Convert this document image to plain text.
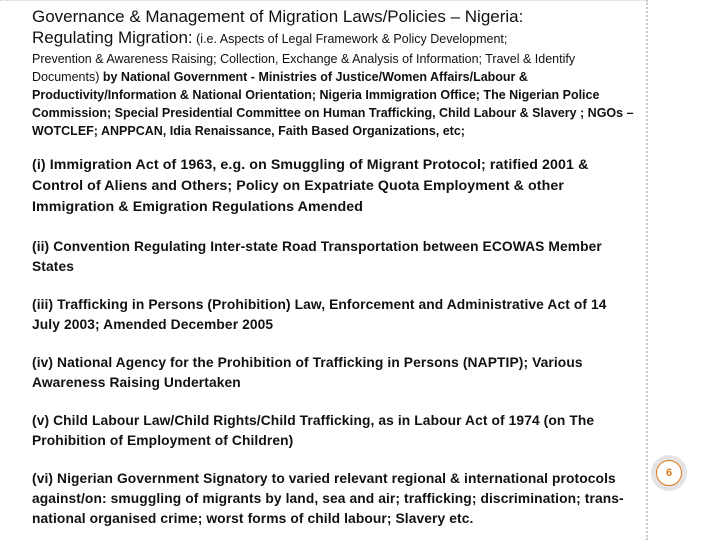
Governance & Management of Migration Laws/Policies – Nigeria:

Regulating Migration: (i.e. Aspects of Legal Framework & Policy Development;

Prevention & Awareness Raising; Collection, Exchange & Analysis of Information; Travel & Identify Documents) by National Government - Ministries of Justice/Women Affairs/Labour & Productivity/Information & National Orientation; Nigeria Immigration Office; The Nigerian Police Commission; Special Presidential Committee on Human Trafficking, Child Labour & Slavery ; NGOs – WOTCLEF; ANPPCAN, Idia Renaissance, Faith Based Organizations, etc;

(i) Immigration Act of 1963, e.g. on Smuggling of Migrant Protocol; ratified 2001 & Control of Aliens and Others; Policy on Expatriate Quota Employment & other Immigration & Emigration Regulations Amended

(ii) Convention Regulating Inter-state Road Transportation between ECOWAS Member States

(iii) Trafficking in Persons (Prohibition) Law, Enforcement and Administrative Act of 14 July 2003; Amended December 2005

(iv) National Agency for the Prohibition of Trafficking in Persons (NAPTIP); Various Awareness Raising Undertaken

(v) Child Labour Law/Child Rights/Child Trafficking, as in Labour Act of 1974 (on The Prohibition of Employment of Children)

(vi) Nigerian Government Signatory to varied relevant regional & international protocols against/on: smuggling of migrants by land, sea and air; trafficking; discrimination; trans-national organised crime; worst forms of child labour; Slavery etc.

6
